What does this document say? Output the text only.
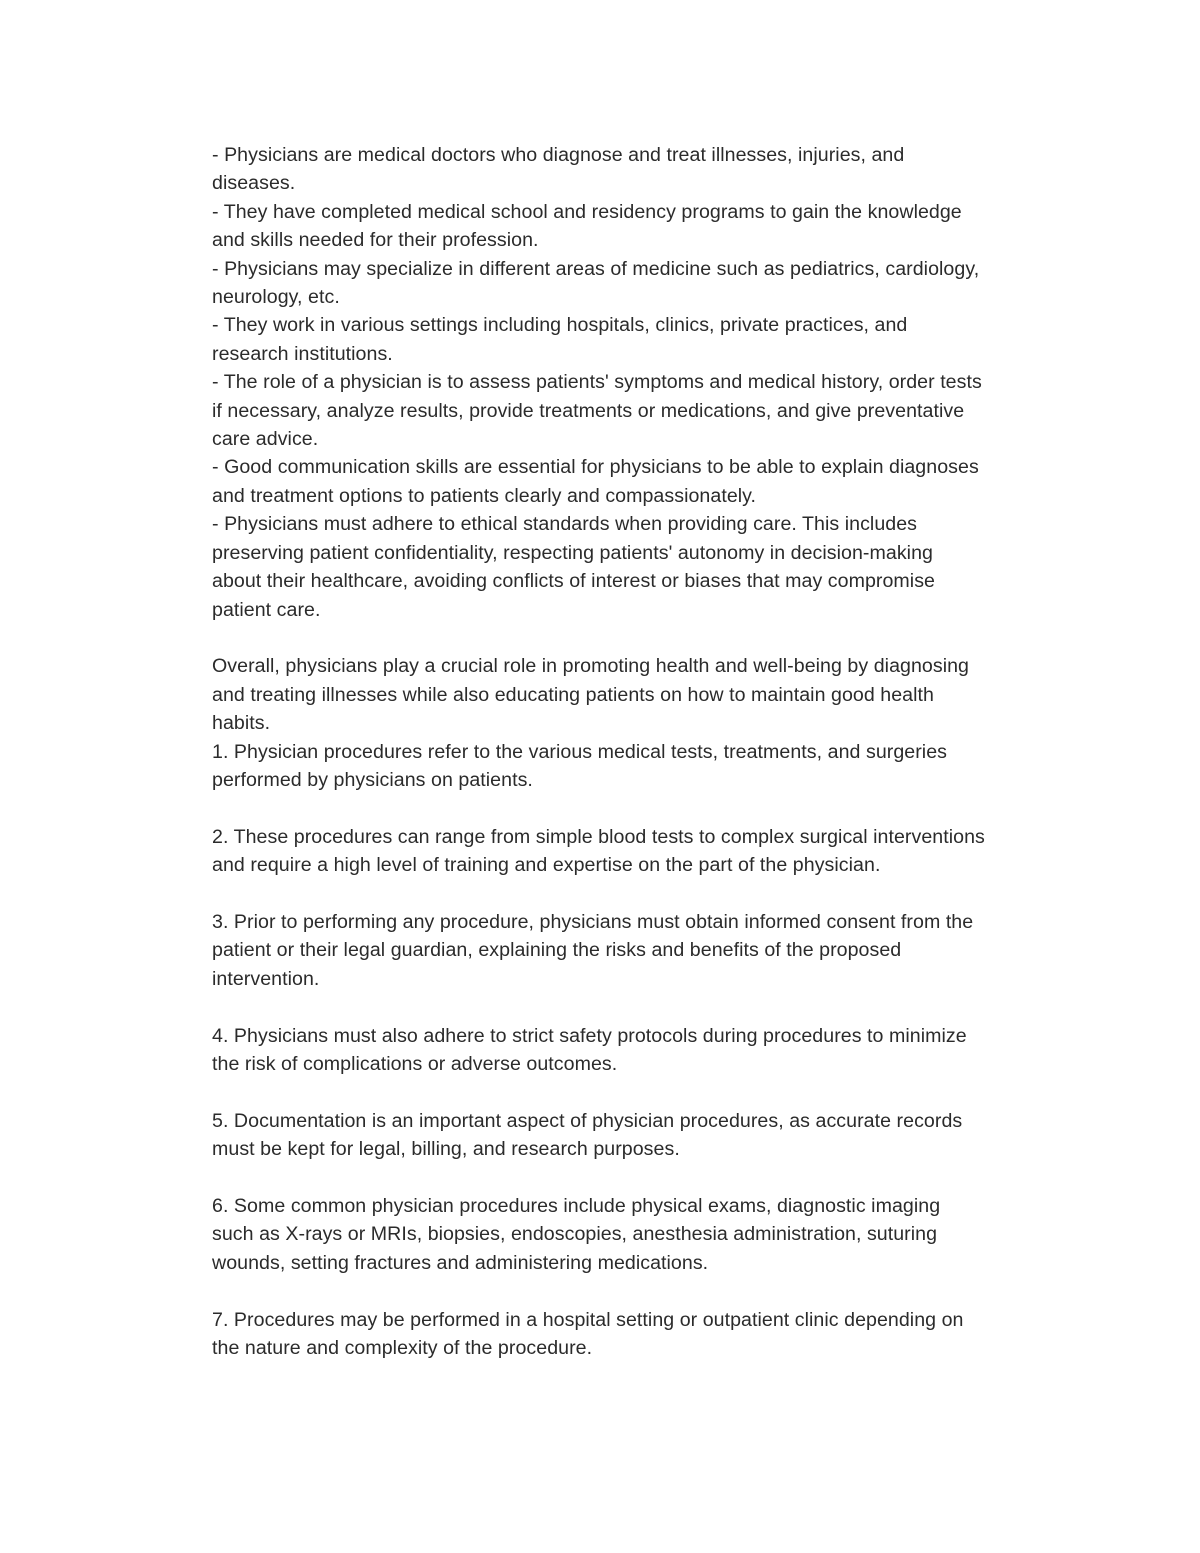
- Physicians are medical doctors who diagnose and treat illnesses, injuries, and
diseases.
- They have completed medical school and residency programs to gain the knowledge
and skills needed for their profession.
- Physicians may specialize in different areas of medicine such as pediatrics, cardiology,
neurology, etc.
- They work in various settings including hospitals, clinics, private practices, and
research institutions.
- The role of a physician is to assess patients' symptoms and medical history, order tests
if necessary, analyze results, provide treatments or medications, and give preventative
care advice.
- Good communication skills are essential for physicians to be able to explain diagnoses
and treatment options to patients clearly and compassionately.
- Physicians must adhere to ethical standards when providing care. This includes
preserving patient confidentiality, respecting patients' autonomy in decision-making
about their healthcare, avoiding conflicts of interest or biases that may compromise
patient care.
Overall, physicians play a crucial role in promoting health and well-being by diagnosing
and treating illnesses while also educating patients on how to maintain good health
habits.
1. Physician procedures refer to the various medical tests, treatments, and surgeries
performed by physicians on patients.
2. These procedures can range from simple blood tests to complex surgical interventions
and require a high level of training and expertise on the part of the physician.
3. Prior to performing any procedure, physicians must obtain informed consent from the
patient or their legal guardian, explaining the risks and benefits of the proposed
intervention.
4. Physicians must also adhere to strict safety protocols during procedures to minimize
the risk of complications or adverse outcomes.
5. Documentation is an important aspect of physician procedures, as accurate records
must be kept for legal, billing, and research purposes.
6. Some common physician procedures include physical exams, diagnostic imaging
such as X-rays or MRIs, biopsies, endoscopies, anesthesia administration, suturing
wounds, setting fractures and administering medications.
7. Procedures may be performed in a hospital setting or outpatient clinic depending on
the nature and complexity of the procedure.
